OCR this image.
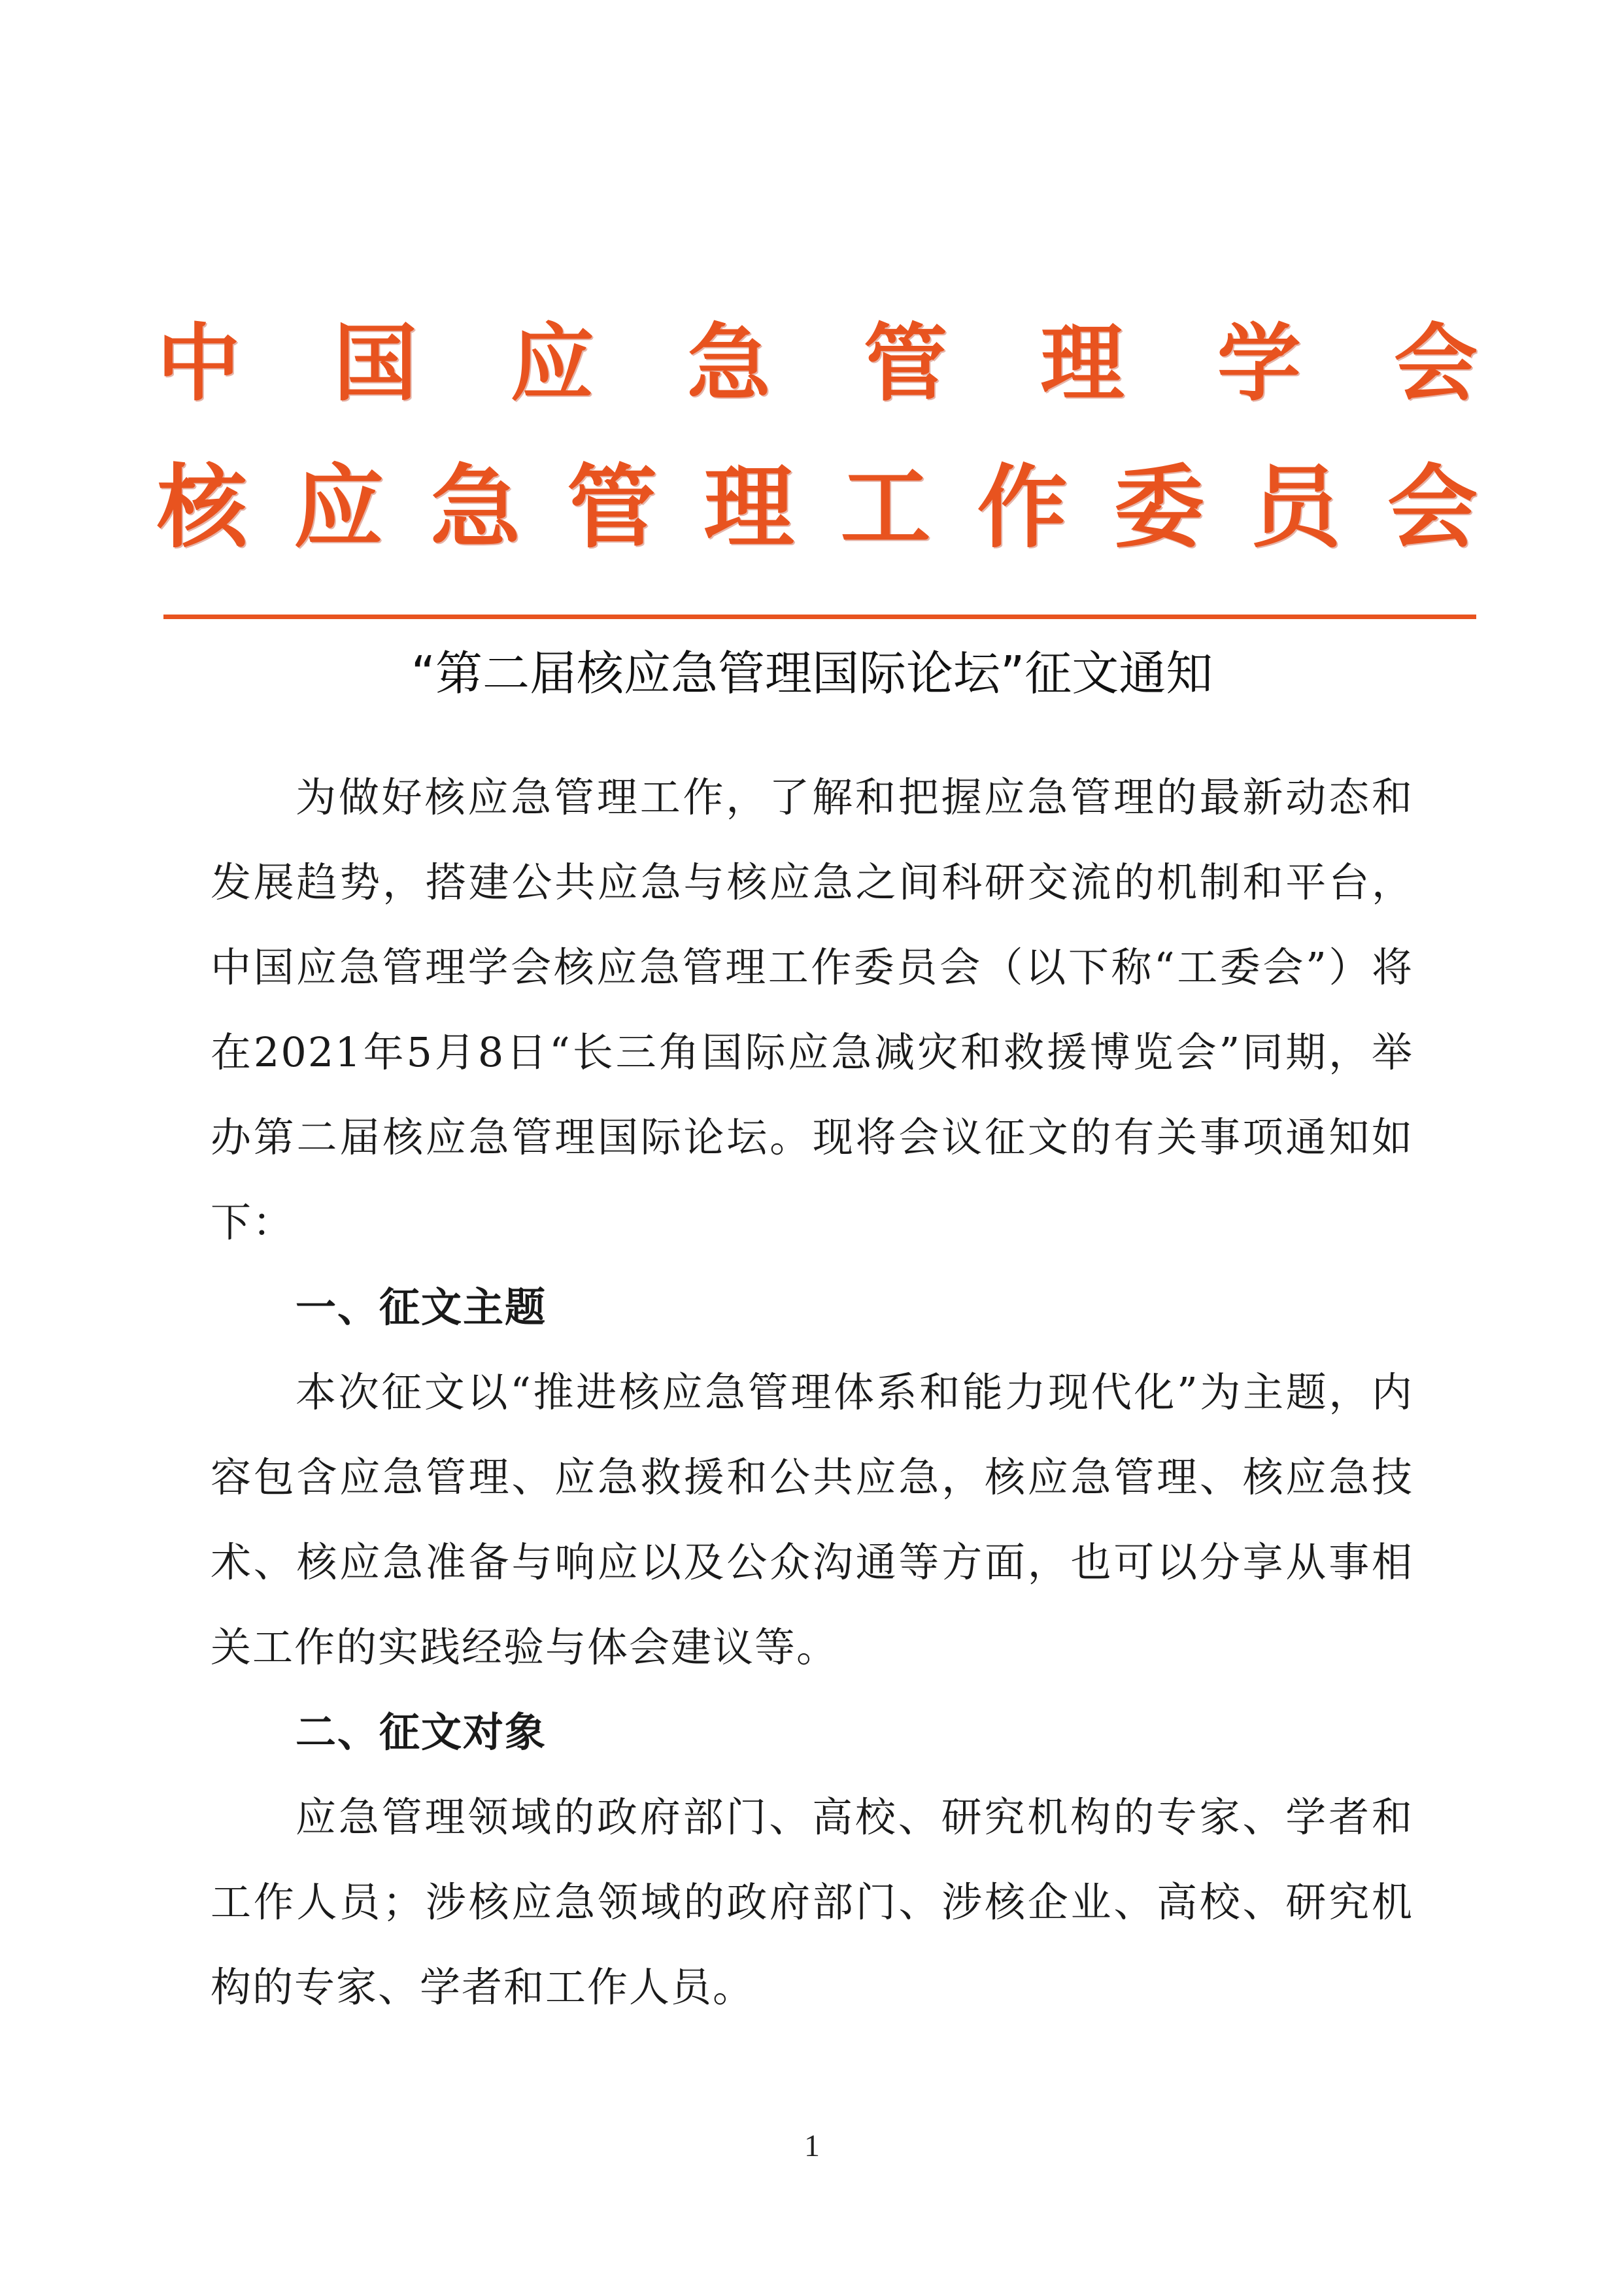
中 国 应 急 管 理 学 会
核 应 急 管 理 工 作 委 员 会
“第二届核应急管理国际论坛”征文通知

为做好核应急管理工作，了解和把握应急管理的最新动态和发展趋势，搭建公共应急与核应急之间科研交流的机制和平台，中国应急管理学会核应急管理工作委员会（以下称“工委会”）将在2021年5月8日“长三角国际应急减灾和救援博览会”同期，举办第二届核应急管理国际论坛。现将会议征文的有关事项通知如下：

一、征文主题

本次征文以“推进核应急管理体系和能力现代化”为主题，内容包含应急管理、应急救援和公共应急，核应急管理、核应急技术、核应急准备与响应以及公众沟通等方面，也可以分享从事相关工作的实践经验与体会建议等。

二、征文对象

应急管理领域的政府部门、高校、研究机构的专家、学者和工作人员；涉核应急领域的政府部门、涉核企业、高校、研究机构的专家、学者和工作人员。

1
